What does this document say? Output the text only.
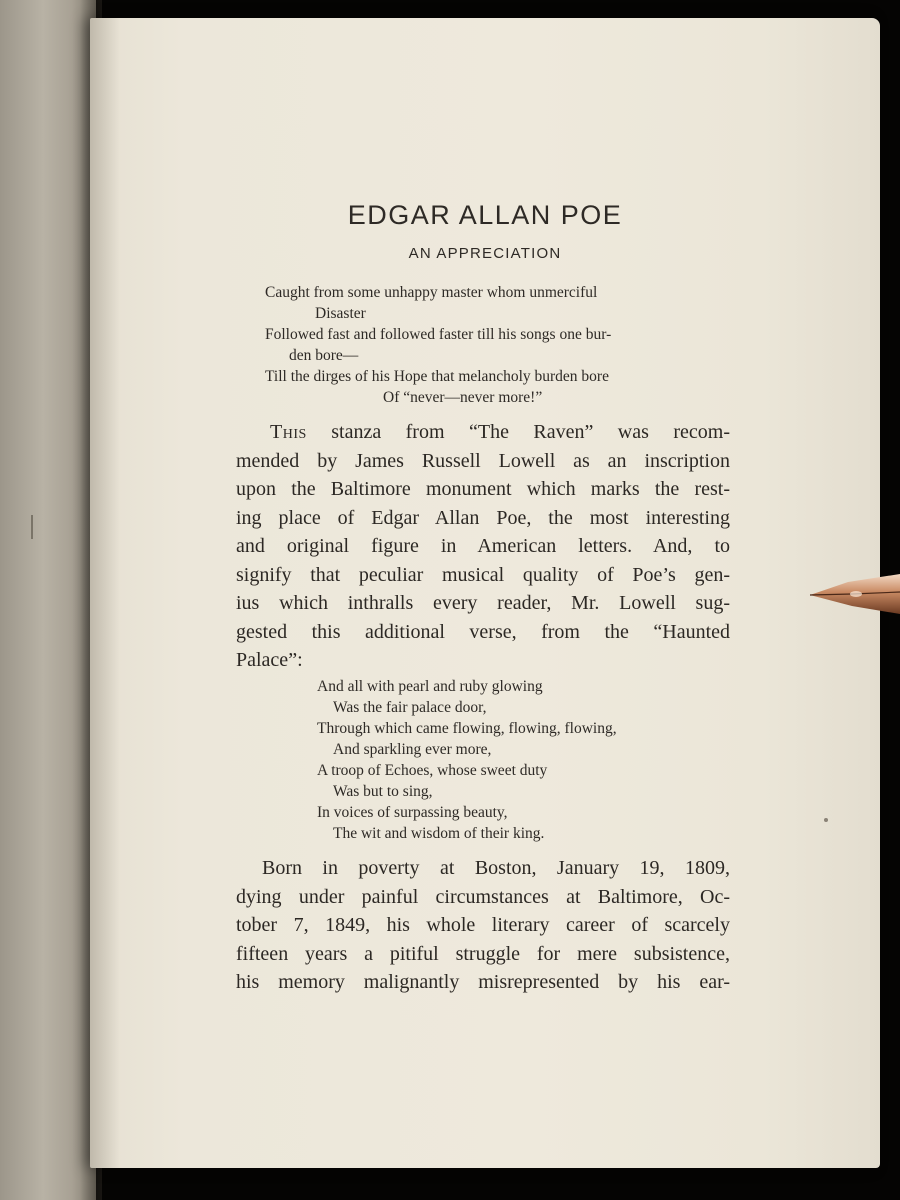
EDGAR ALLAN POE
AN APPRECIATION
Caught from some unhappy master whom unmerciful
Disaster
Followed fast and followed faster till his songs one bur-
den bore—
Till the dirges of his Hope that melancholy burden bore
Of “never—never more!”
This stanza from “The Raven” was recom-
mended by James Russell Lowell as an inscription
upon the Baltimore monument which marks the rest-
ing place of Edgar Allan Poe, the most interesting
and original figure in American letters. And, to
signify that peculiar musical quality of Poe’s gen-
ius which inthralls every reader, Mr. Lowell sug-
gested this additional verse, from the “Haunted
Palace”:
And all with pearl and ruby glowing
Was the fair palace door,
Through which came flowing, flowing, flowing,
And sparkling ever more,
A troop of Echoes, whose sweet duty
Was but to sing,
In voices of surpassing beauty,
The wit and wisdom of their king.
Born in poverty at Boston, January 19, 1809,
dying under painful circumstances at Baltimore, Oc-
tober 7, 1849, his whole literary career of scarcely
fifteen years a pitiful struggle for mere subsistence,
his memory malignantly misrepresented by his ear-
